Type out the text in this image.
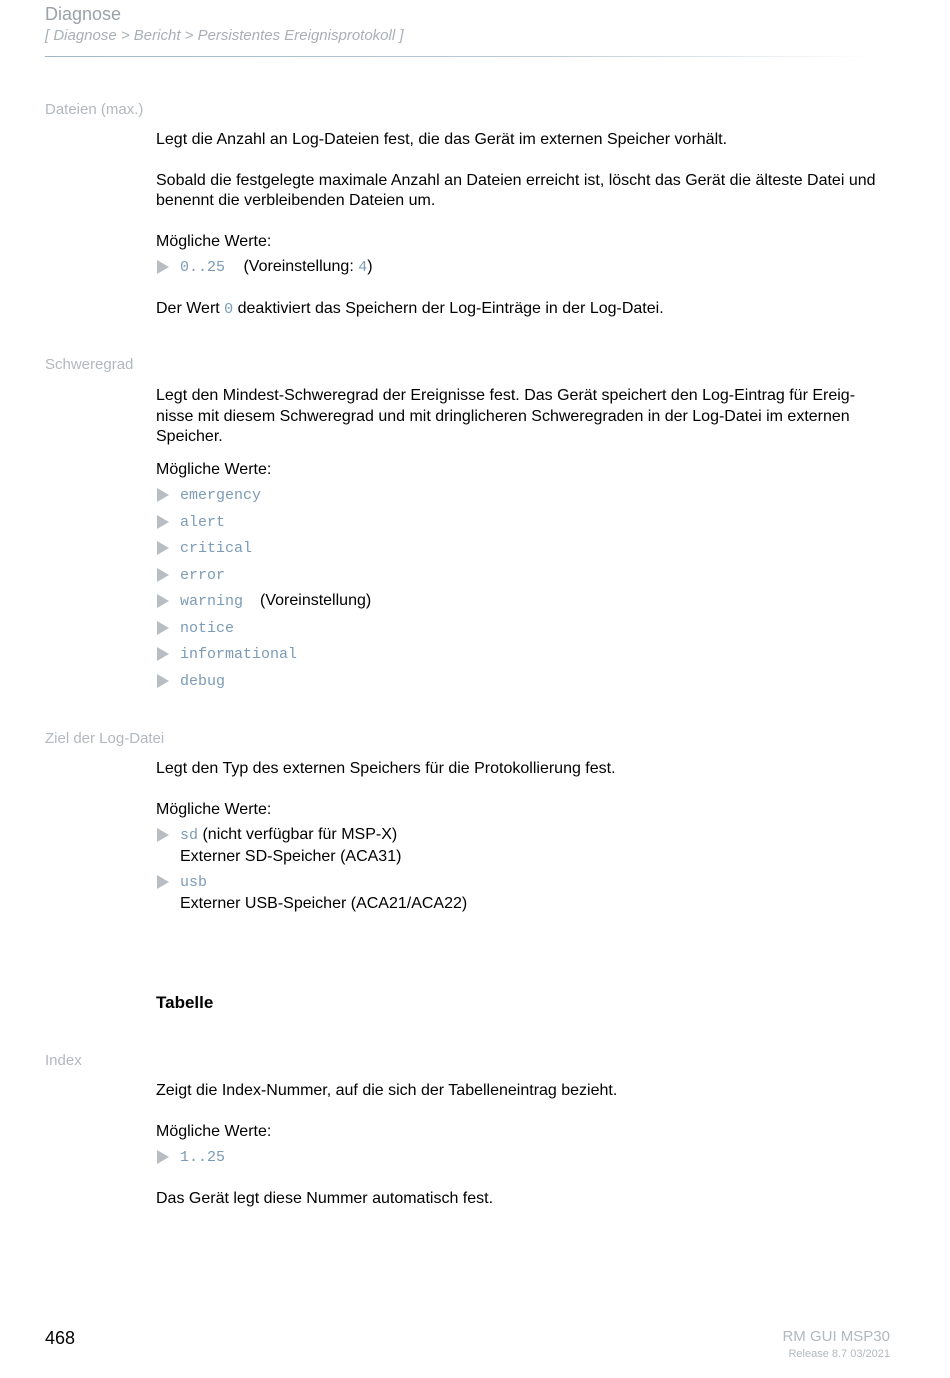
Diagnose
[ Diagnose > Bericht > Persistentes Ereignisprotokoll ]
Dateien (max.)

Legt die Anzahl an Log-Dateien fest, die das Gerät im externen Speicher vorhält.

Sobald die festgelegte maximale Anzahl an Dateien erreicht ist, löscht das Gerät die älteste Datei und benennt die verbleibenden Dateien um.

Mögliche Werte:

0..25 (Voreinstellung: 4)

Der Wert 0 deaktiviert das Speichern der Log-Einträge in der Log-Datei.

Schweregrad

Legt den Mindest-Schweregrad der Ereignisse fest. Das Gerät speichert den Log-Eintrag für Ereig-

nisse mit diesem Schweregrad und mit dringlicheren Schweregraden in der Log-Datei im externen

Speicher.

Mögliche Werte:

emergency
alert
critical
error
warning (Voreinstellung)
notice
informational
debug
Ziel der Log-Datei

Legt den Typ des externen Speichers für die Protokollierung fest.

Mögliche Werte:

sd (nicht verfügbar für MSP-X)
Externer SD-Speicher (ACA31)
usb
Externer USB-Speicher (ACA21/ACA22)
Tabelle
Index

Zeigt die Index-Nummer, auf die sich der Tabelleneintrag bezieht.

Mögliche Werte:

1..25

Das Gerät legt diese Nummer automatisch fest.

468	RM GUI MSP30
Release 8.7 03/2021
